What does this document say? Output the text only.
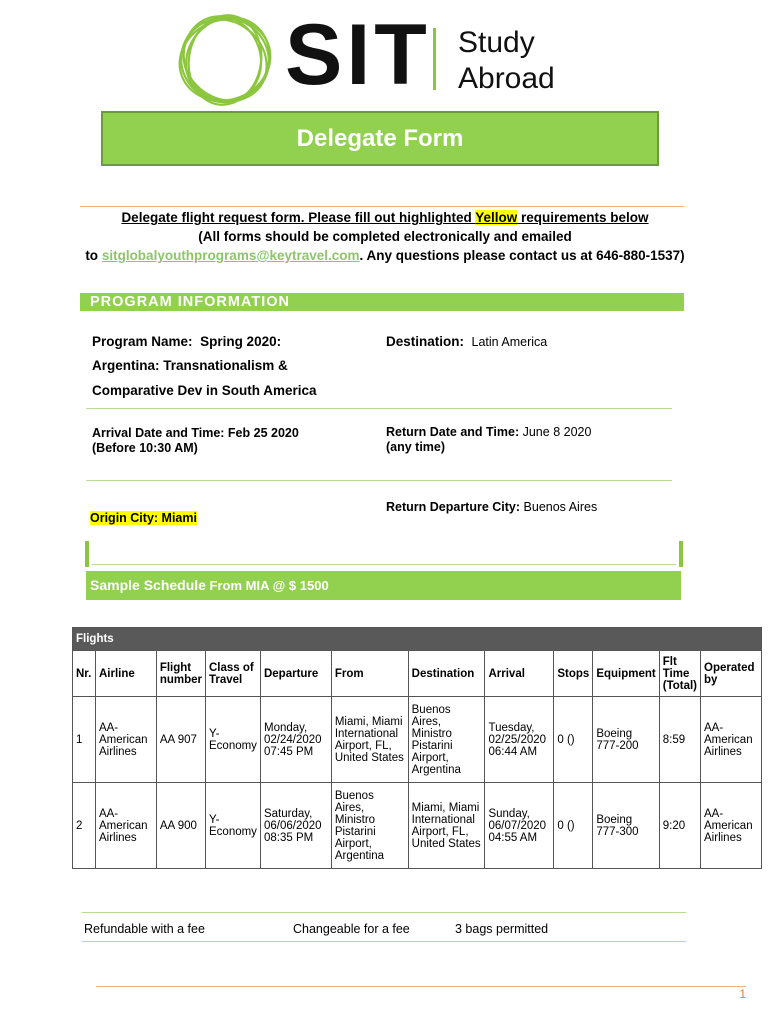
SIT Study
Abroad
Delegate Form
Delegate flight request form. Please fill out highlighted Yellow requirements below
(All forms should be completed electronically and emailed
to sitglobalyouthprograms@keytravel.com. Any questions please contact us at 646-880-1537)
PROGRAM INFORMATION
Program Name: Spring 2020:
Argentina: Transnationalism &
Comparative Dev in South America
Destination: Latin America
Arrival Date and Time: Feb 25 2020
(Before 10:30 AM)
Return Date and Time: June 8 2020
(any time)
Return Departure City: Buenos Aires
Origin City: Miami
Sample Schedule From MIA @ $ 1500
Flights											
Nr.	Airline	Flight number	Class of Travel	Departure	From	Destination	Arrival	Stops	Equipment	Flt Time (Total)	Operated by
1	AA- American Airlines	AA 907	Y- Economy	Monday, 02/24/2020 07:45 PM	Miami, Miami International Airport, FL, United States	Buenos Aires, Ministro Pistarini Airport, Argentina	Tuesday, 02/25/2020 06:44 AM	0 ()	Boeing 777-200	8:59	AA- American Airlines
2	AA- American Airlines	AA 900	Y- Economy	Saturday, 06/06/2020 08:35 PM	Buenos Aires, Ministro Pistarini Airport, Argentina	Miami, Miami International Airport, FL, United States	Sunday, 06/07/2020 04:55 AM	0 ()	Boeing 777-300	9:20	AA- American Airlines
Refundable with a fee	Changeable for a fee	3 bags permitted
1
